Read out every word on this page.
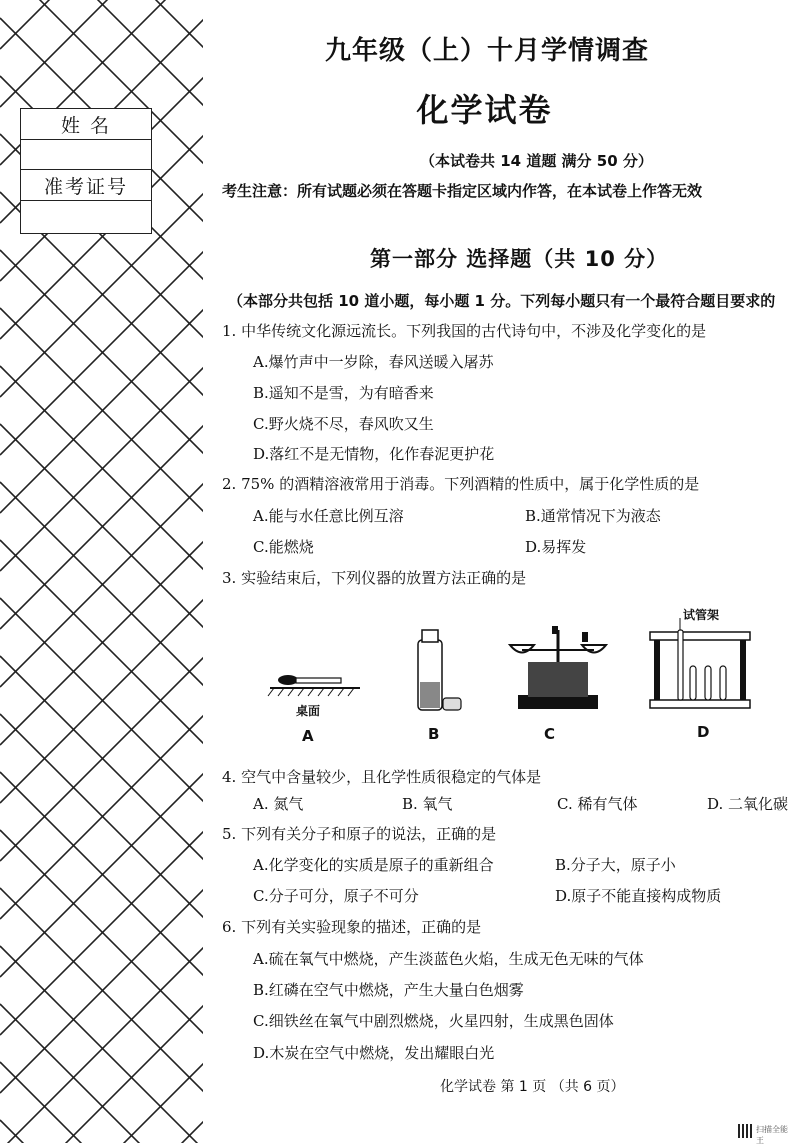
姓 名
准考证号
九年级（上）十月学情调查
化学试卷
（本试卷共 14 道题 满分 50 分）
考生注意：所有试题必须在答题卡指定区域内作答，在本试卷上作答无效
第一部分 选择题（共 10 分）
（本部分共包括 10 道小题，每小题 1 分。下列每小题只有一个最符合题目要求的
1. 中华传统文化源远流长。下列我国的古代诗句中，不涉及化学变化的是
A.爆竹声中一岁除，春风送暖入屠苏
B.遥知不是雪，为有暗香来
C.野火烧不尽，春风吹又生
D.落红不是无情物，化作春泥更护花
2. 75% 的酒精溶液常用于消毒。下列酒精的性质中，属于化学性质的是
A.能与水任意比例互溶	B.通常情况下为液态
C.能燃烧	D.易挥发
3. 实验结束后，下列仪器的放置方法正确的是
桌面
试管架
A	B	C	D
4. 空气中含量较少，且化学性质很稳定的气体是
A. 氮气	B. 氧气	C. 稀有气体	D. 二氧化碳
5. 下列有关分子和原子的说法，正确的是
A.化学变化的实质是原子的重新组合	B.分子大，原子小
C.分子可分，原子不可分	D.原子不能直接构成物质
6. 下列有关实验现象的描述，正确的是
A.硫在氧气中燃烧，产生淡蓝色火焰，生成无色无味的气体
B.红磷在空气中燃烧，产生大量白色烟雾
C.细铁丝在氧气中剧烈燃烧，火星四射，生成黑色固体
D.木炭在空气中燃烧，发出耀眼白光
化学试卷 第 1 页 （共 6 页）
扫描全能王
